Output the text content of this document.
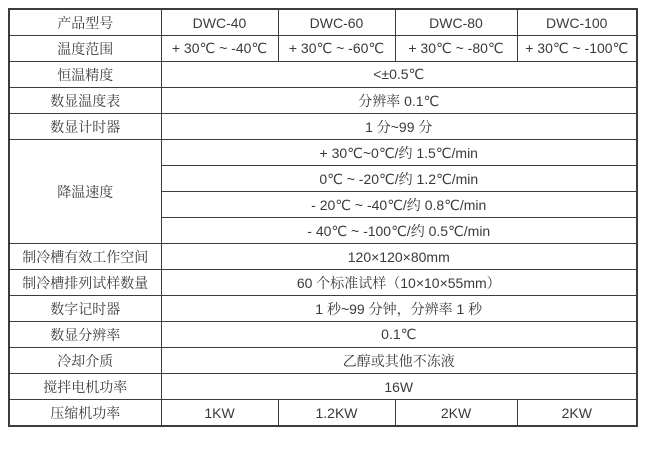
产品型号	DWC-40	DWC-60	DWC-80	DWC-100
温度范围	+ 30℃ ~ -40℃	+ 30℃ ~ -60℃	+ 30℃ ~ -80℃	+ 30℃ ~ -100℃
恒温精度	<±0.5℃			
数显温度表	分辨率 0.1℃			
数显计时器	1 分~99 分			
降温速度	+ 30℃~0℃/约 1.5℃/min			
	0℃ ~ -20℃/约 1.2℃/min			
	- 20℃ ~ -40℃/约 0.8℃/min			
	- 40℃ ~ -100℃/约 0.5℃/min			
制冷槽有效工作空间	120×120×80mm			
制冷槽排列试样数量	60 个标准试样（10×10×55mm）			
数字记时器	1 秒~99 分钟，分辨率 1 秒			
数显分辨率	0.1℃			
冷却介质	乙醇或其他不冻液			
搅拌电机功率	16W			
压缩机功率	1KW	1.2KW	2KW	2KW
